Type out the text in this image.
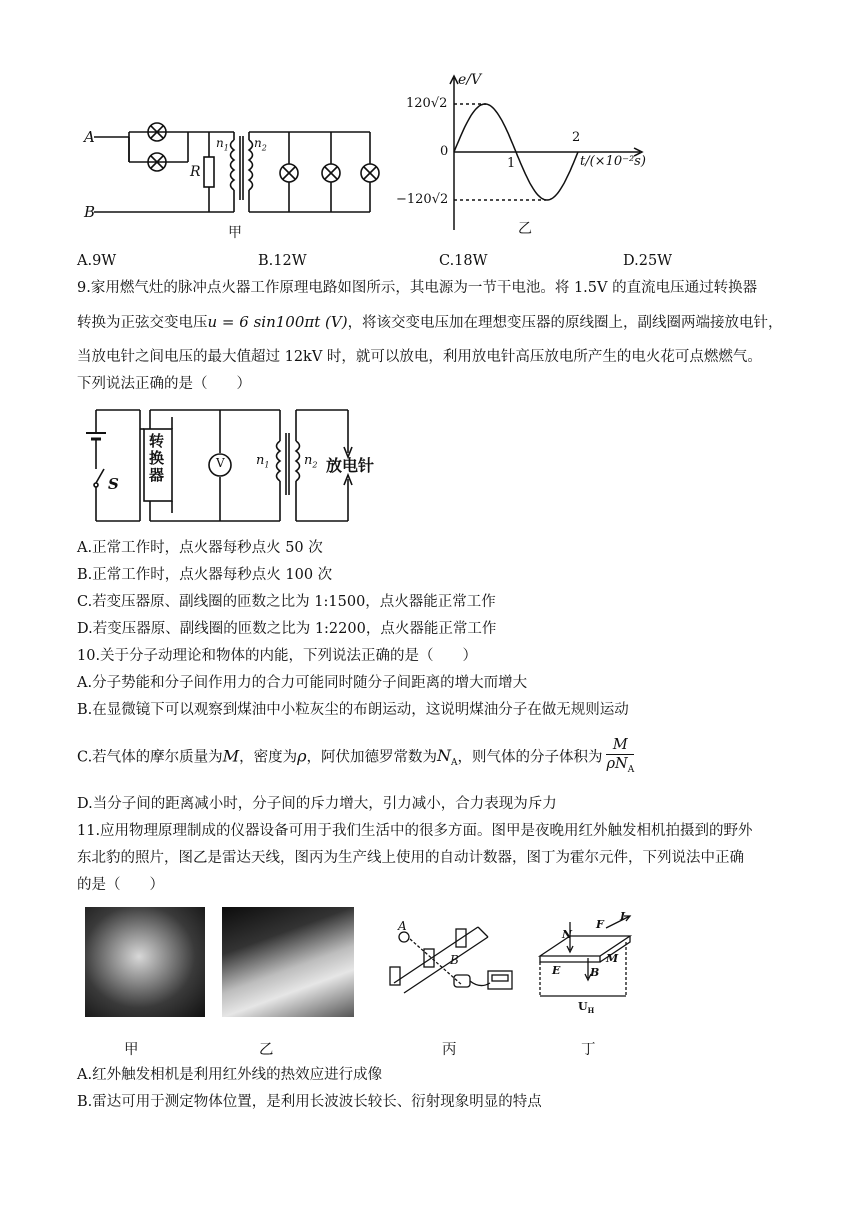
A
B
R
$n_1$ $n_2$
甲
e/V
120√2
0
−120√2
1
2
t/(×10⁻²s)
乙
A.9W	B.12W	C.18W	D.25W
9.家用燃气灶的脉冲点火器工作原理电路如图所示，其电源为一节干电池。将 1.5V 的直流电压通过转换器
转换为正弦交变电压u = 6 sin100πt (V)，将该交变电压加在理想变压器的原线圈上，副线圈两端接放电针，
当放电针之间电压的最大值超过 12kV 时，就可以放电，利用放电针高压放电所产生的电火花可点燃燃气。
下列说法正确的是（　　）
转换器	V
S
$n_1$	$n_2$ 放电针
A.正常工作时，点火器每秒点火 50 次
B.正常工作时，点火器每秒点火 100 次
C.若变压器原、副线圈的匝数之比为 1:1500，点火器能正常工作
D.若变压器原、副线圈的匝数之比为 1:2200，点火器能正常工作
10.关于分子动理论和物体的内能，下列说法正确的是（　　）
A.分子势能和分子间作用力的合力可能同时随分子间距离的增大而增大
B.在显微镜下可以观察到煤油中小粒灰尘的布朗运动，这说明煤油分子在做无规则运动
C.若气体的摩尔质量为M，密度为ρ，阿伏加德罗常数为$N_A$，则气体的分子体积为 $\frac{M}{\rho N_A}$
D.当分子间的距离减小时，分子间的斥力增大，引力减小，合力表现为斥力
11.应用物理原理制成的仪器设备可用于我们生活中的很多方面。图甲是夜晚用红外触发相机拍摄到的野外
东北豹的照片，图乙是雷达天线，图丙为生产线上使用的自动计数器，图丁为霍尔元件，下列说法中正确
的是（　　）
A
B
N
F
I
E	B
M
$U_H$
甲	乙	丙	丁
A.红外触发相机是利用红外线的热效应进行成像
B.雷达可用于测定物体位置，是利用长波波长较长、衍射现象明显的特点
